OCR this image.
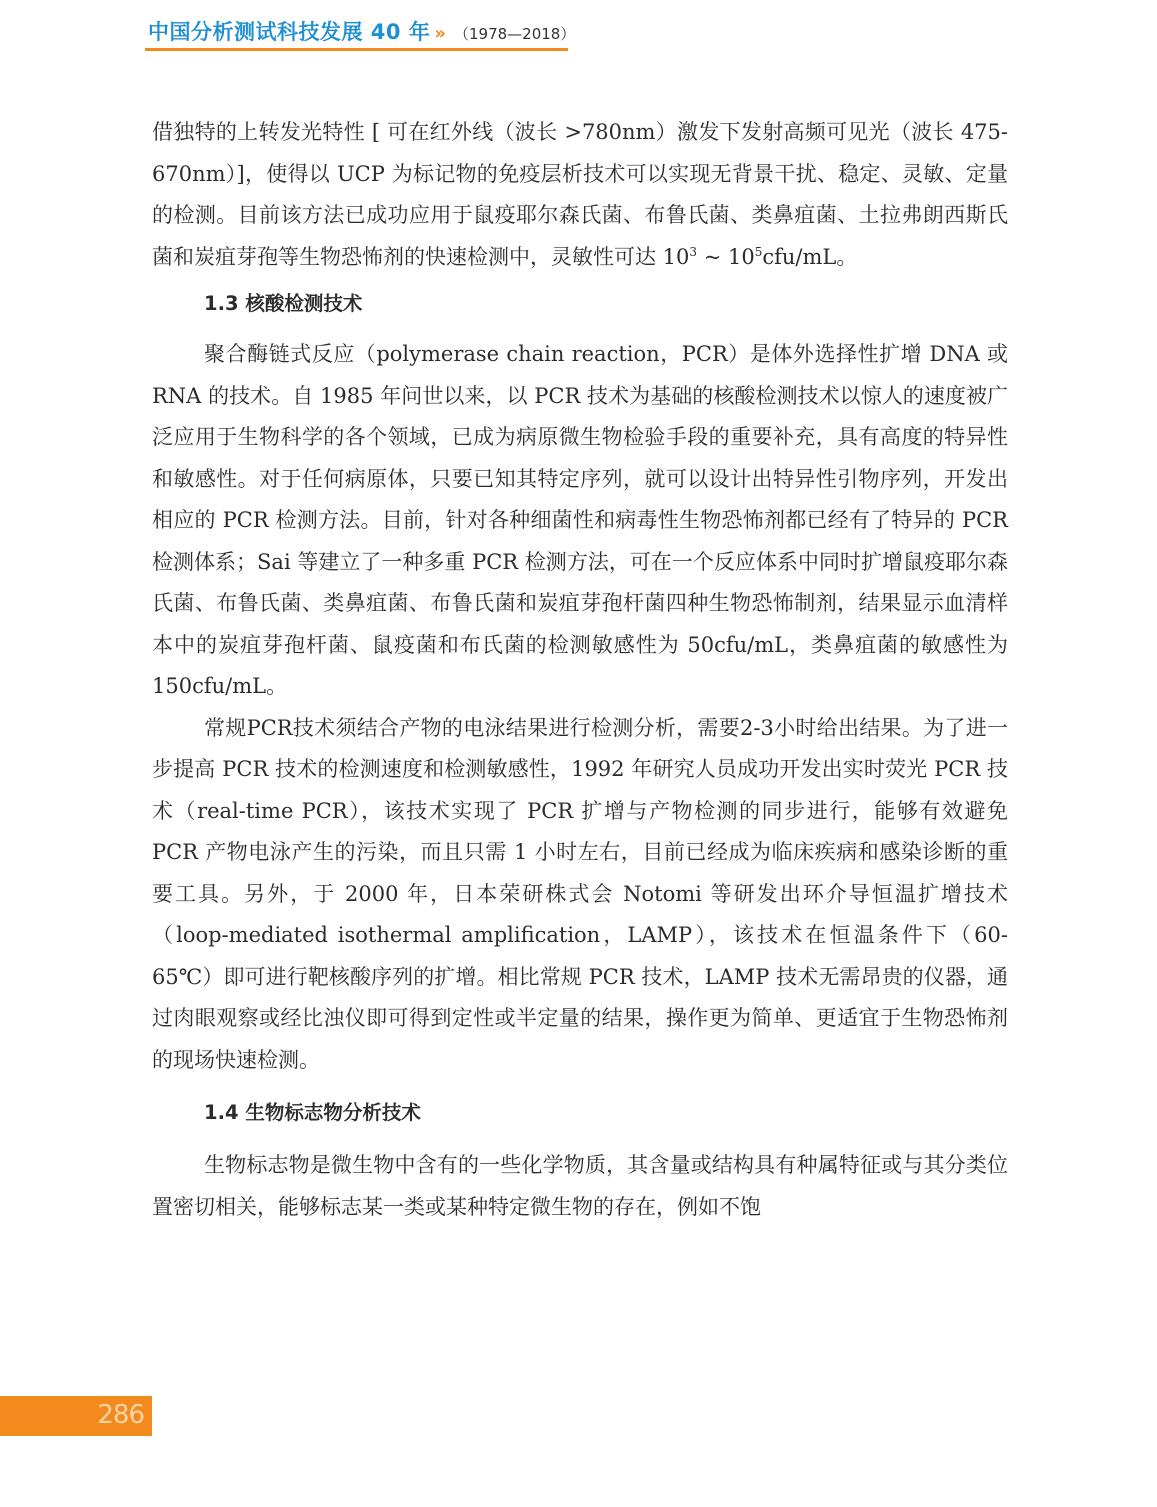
中国分析测试科技发展 40 年 » （1978—2018）

借独特的上转发光特性 [ 可在红外线（波长 >780nm）激发下发射高频可见光（波长 475-670nm）]，使得以 UCP 为标记物的免疫层析技术可以实现无背景干扰、稳定、灵敏、定量的检测。目前该方法已成功应用于鼠疫耶尔森氏菌、布鲁氏菌、类鼻疽菌、土拉弗朗西斯氏菌和炭疽芽孢等生物恐怖剂的快速检测中，灵敏性可达 $10^3$ ~ $10^5cfu/mL$。

1.3 核酸检测技术

聚合酶链式反应（polymerase chain reaction，PCR）是体外选择性扩增 DNA 或 RNA 的技术。自 1985 年问世以来，以 PCR 技术为基础的核酸检测技术以惊人的速度被广泛应用于生物科学的各个领域，已成为病原微生物检验手段的重要补充，具有高度的特异性和敏感性。对于任何病原体，只要已知其特定序列，就可以设计出特异性引物序列，开发出相应的 PCR 检测方法。目前，针对各种细菌性和病毒性生物恐怖剂都已经有了特异的 PCR 检测体系；Sai 等建立了一种多重 PCR 检测方法，可在一个反应体系中同时扩增鼠疫耶尔森氏菌、布鲁氏菌、类鼻疽菌、布鲁氏菌和炭疽芽孢杆菌四种生物恐怖制剂，结果显示血清样本中的炭疽芽孢杆菌、鼠疫菌和布氏菌的检测敏感性为 50cfu/mL，类鼻疽菌的敏感性为 150cfu/mL。

常规PCR技术须结合产物的电泳结果进行检测分析，需要2-3小时给出结果。为了进一步提高 PCR 技术的检测速度和检测敏感性，1992 年研究人员成功开发出实时荧光 PCR 技术（real-time PCR），该技术实现了 PCR 扩增与产物检测的同步进行，能够有效避免 PCR 产物电泳产生的污染，而且只需 1 小时左右，目前已经成为临床疾病和感染诊断的重要工具。另外，于 2000 年，日本荣研株式会 Notomi 等研发出环介导恒温扩增技术（loop-mediated isothermal amplification，LAMP），该技术在恒温条件下（60-65℃）即可进行靶核酸序列的扩增。相比常规 PCR 技术，LAMP 技术无需昂贵的仪器，通过肉眼观察或经比浊仪即可得到定性或半定量的结果，操作更为简单、更适宜于生物恐怖剂的现场快速检测。

1.4 生物标志物分析技术

生物标志物是微生物中含有的一些化学物质，其含量或结构具有种属特征或与其分类位置密切相关，能够标志某一类或某种特定微生物的存在，例如不饱

286
